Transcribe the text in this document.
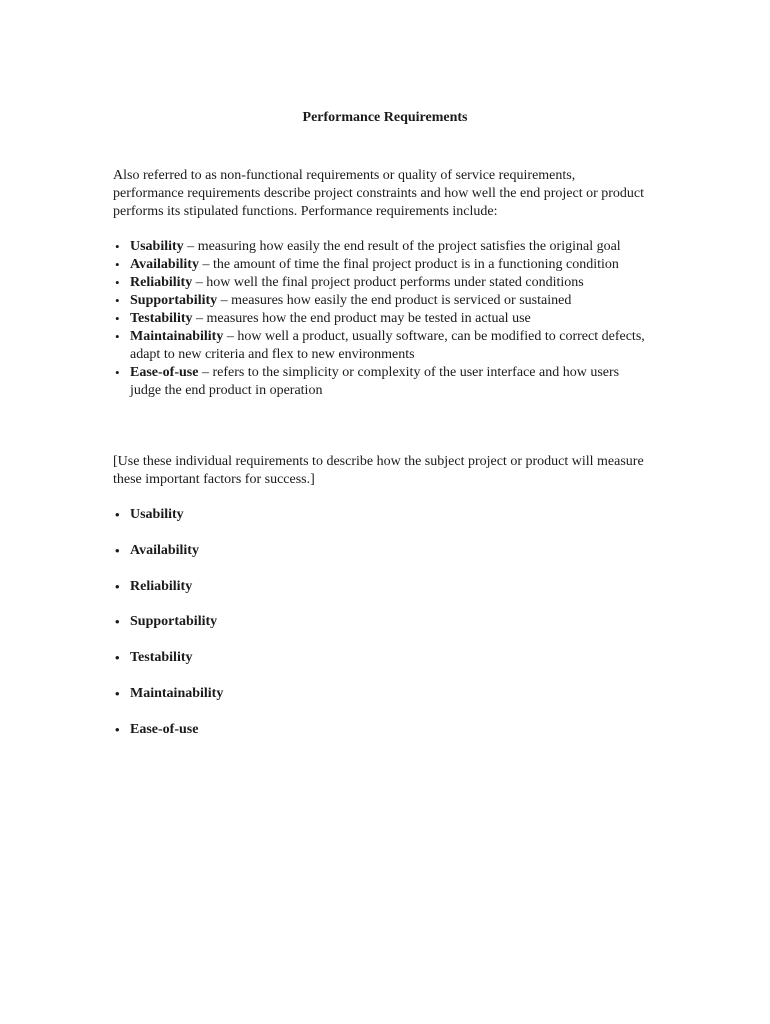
Performance Requirements

Also referred to as non-functional requirements or quality of service requirements, performance requirements describe project constraints and how well the end project or product performs its stipulated functions. Performance requirements include:

• Usability – measuring how easily the end result of the project satisfies the original goal
• Availability – the amount of time the final project product is in a functioning condition
• Reliability – how well the final project product performs under stated conditions
• Supportability – measures how easily the end product is serviced or sustained
• Testability – measures how the end product may be tested in actual use
• Maintainability – how well a product, usually software, can be modified to correct defects, adapt to new criteria and flex to new environments
• Ease-of-use – refers to the simplicity or complexity of the user interface and how users judge the end product in operation

[Use these individual requirements to describe how the subject project or product will measure these important factors for success.]

• Usability
• Availability
• Reliability
• Supportability
• Testability
• Maintainability
• Ease-of-use
